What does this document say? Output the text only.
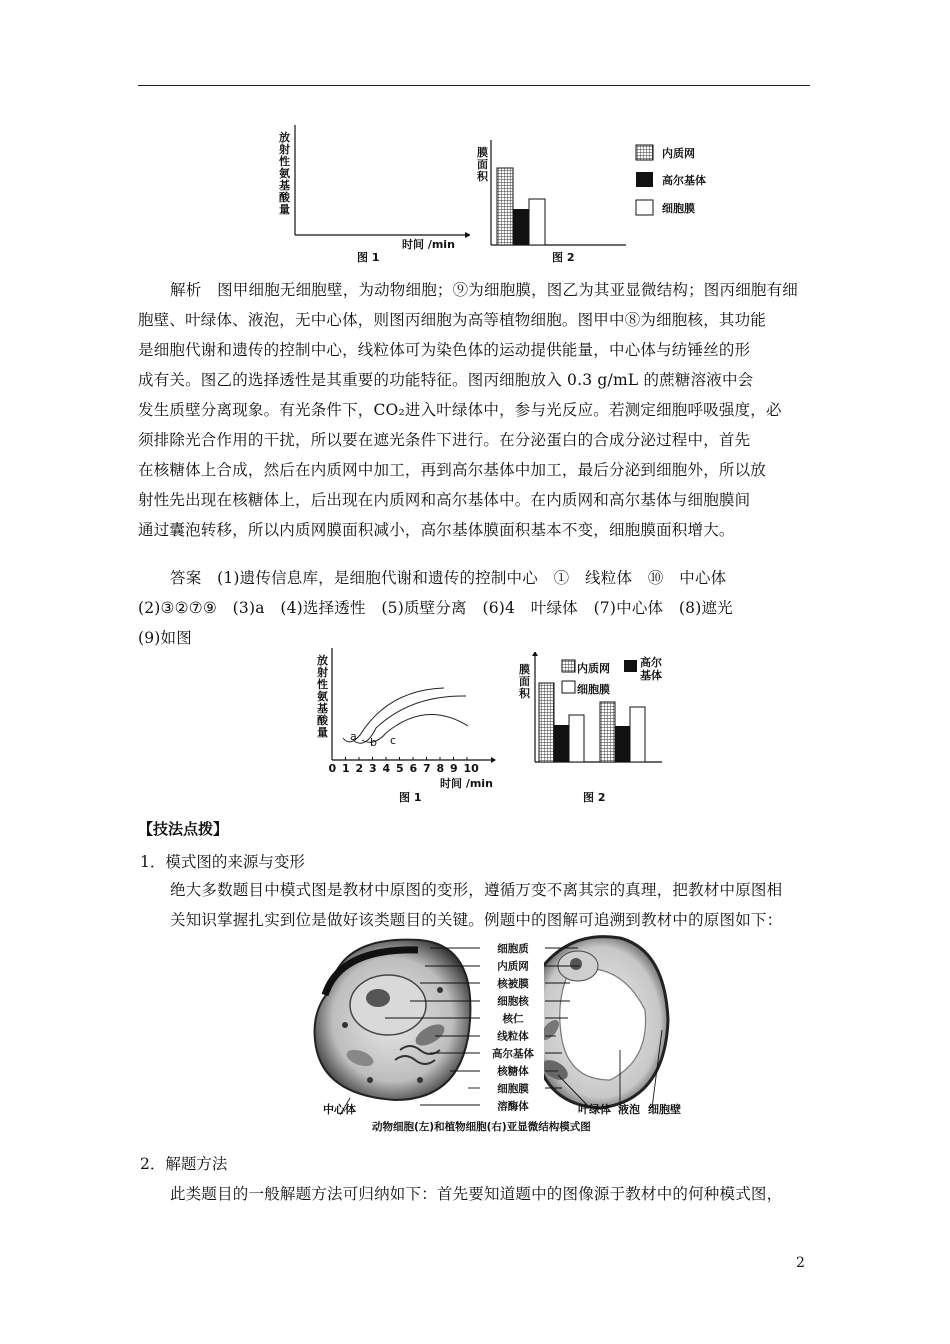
放射性氨基酸量
时间 /min
图 1
膜面积
图 2
内质网
高尔基体
细胞膜

解析　图甲细胞无细胞壁，为动物细胞；⑨为细胞膜，图乙为其亚显微结构；图丙细胞有细

胞壁、叶绿体、液泡，无中心体，则图丙细胞为高等植物细胞。图甲中⑧为细胞核，其功能

是细胞代谢和遗传的控制中心，线粒体可为染色体的运动提供能量，中心体与纺锤丝的形

成有关。图乙的选择透性是其重要的功能特征。图丙细胞放入 0.3 g/mL 的蔗糖溶液中会

发生质壁分离现象。有光条件下，CO₂进入叶绿体中，参与光反应。若测定细胞呼吸强度，必

须排除光合作用的干扰，所以要在遮光条件下进行。在分泌蛋白的合成分泌过程中，首先

在核糖体上合成，然后在内质网中加工，再到高尔基体中加工，最后分泌到细胞外，所以放

射性先出现在核糖体上，后出现在内质网和高尔基体中。在内质网和高尔基体与细胞膜间

通过囊泡转移，所以内质网膜面积减小，高尔基体膜面积基本不变，细胞膜面积增大。

答案　(1)遗传信息库，是细胞代谢和遗传的控制中心　①　线粒体　⑩　中心体

(2)③②⑦⑨　(3)a　(4)选择透性　(5)质壁分离　(6)4　叶绿体　(7)中心体　(8)遮光

(9)如图

放射性氨基酸量 a b c
0 1 2 3 4 5 6 7 8 9 10
时间 /min
图 1
膜面积
内质网	高尔
基体
细胞膜
图 2
【技法点拨】
1．模式图的来源与变形

绝大多数题目中模式图是教材中原图的变形，遵循万变不离其宗的真理，把教材中原图相

关知识掌握扎实到位是做好该类题目的关键。例题中的图解可追溯到教材中的原图如下：

细胞质
内质网
核被膜
细胞核
核仁
线粒体
高尔基体
核糖体
细胞膜
溶酶体
中心体	叶绿体 液泡 细胞壁
动物细胞(左)和植物细胞(右)亚显微结构模式图
2．解题方法
此类题目的一般解题方法可归纳如下：首先要知道题中的图像源于教材中的何种模式图，
2
